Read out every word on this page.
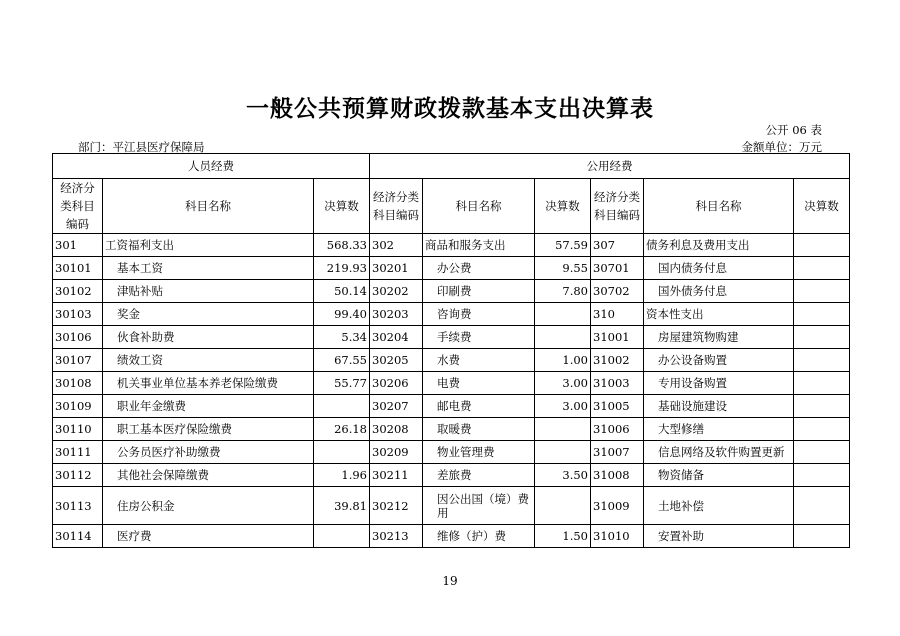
一般公共预算财政拨款基本支出决算表
公开 06 表
部门：平江县医疗保障局	金额单位：万元
人员经费			公用经费					
经济分类科目编码	科目名称	决算数	经济分类科目编码	科目名称	决算数	经济分类科目编码	科目名称	决算数
301	工资福利支出	568.33	302	商品和服务支出	57.59	307	债务利息及费用支出	
30101	基本工资	219.93	30201	办公费	9.55	30701	国内债务付息	
30102	津贴补贴	50.14	30202	印刷费	7.80	30702	国外债务付息	
30103	奖金	99.40	30203	咨询费		310	资本性支出	
30106	伙食补助费	5.34	30204	手续费		31001	房屋建筑物购建	
30107	绩效工资	67.55	30205	水费	1.00	31002	办公设备购置	
30108	机关事业单位基本养老保险缴费	55.77	30206	电费	3.00	31003	专用设备购置	
30109	职业年金缴费		30207	邮电费	3.00	31005	基础设施建设	
30110	职工基本医疗保险缴费	26.18	30208	取暖费		31006	大型修缮	
30111	公务员医疗补助缴费		30209	物业管理费		31007	信息网络及软件购置更新	
30112	其他社会保障缴费	1.96	30211	差旅费	3.50	31008	物资储备	
30113	住房公积金	39.81	30212	因公出国（境）费用		31009	土地补偿	
30114	医疗费		30213	维修（护）费	1.50	31010	安置补助	
19
